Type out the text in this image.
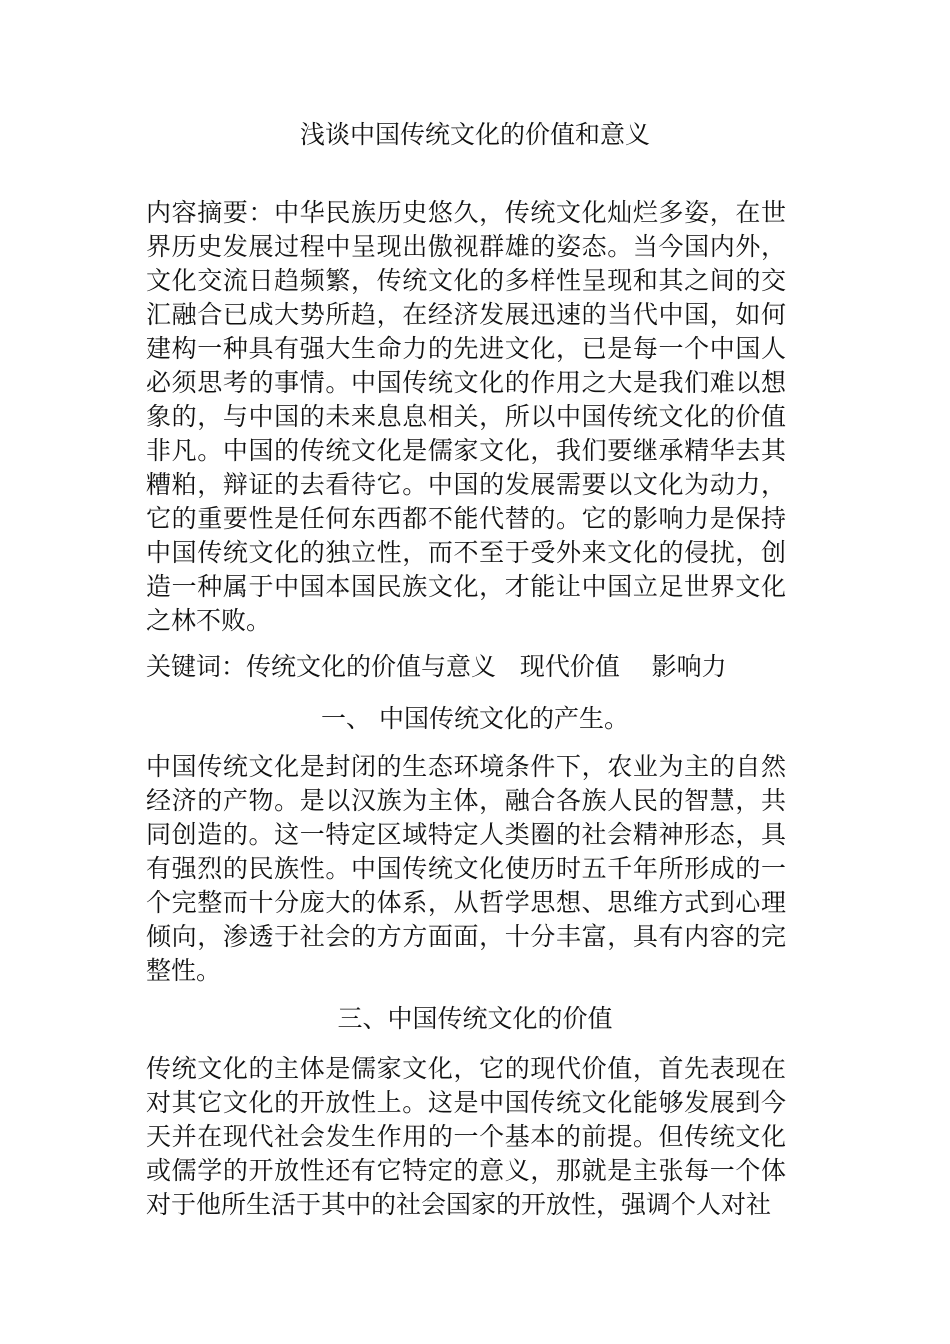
浅谈中国传统文化的价值和意义

内容摘要：中华民族历史悠久，传统文化灿烂多姿，在世界历史发展过程中呈现出傲视群雄的姿态。当今国内外，文化交流日趋频繁，传统文化的多样性呈现和其之间的交汇融合已成大势所趋，在经济发展迅速的当代中国，如何建构一种具有强大生命力的先进文化，已是每一个中国人必须思考的事情。中国传统文化的作用之大是我们难以想象的，与中国的未来息息相关，所以中国传统文化的价值非凡。中国的传统文化是儒家文化，我们要继承精华去其糟粕，辩证的去看待它。中国的发展需要以文化为动力，它的重要性是任何东西都不能代替的。它的影响力是保持中国传统文化的独立性，而不至于受外来文化的侵扰，创造一种属于中国本国民族文化，才能让中国立足世界文化之林不败。

关键词：传统文化的价值与意义   现代价值    影响力
一、 中国传统文化的产生。

中国传统文化是封闭的生态环境条件下，农业为主的自然经济的产物。是以汉族为主体，融合各族人民的智慧，共同创造的。这一特定区域特定人类圈的社会精神形态，具有强烈的民族性。中国传统文化使历时五千年所形成的一个完整而十分庞大的体系，从哲学思想、思维方式到心理倾向，渗透于社会的方方面面，十分丰富，具有内容的完整性。

三、中国传统文化的价值

传统文化的主体是儒家文化，它的现代价值，首先表现在对其它文化的开放性上。这是中国传统文化能够发展到今天并在现代社会发生作用的一个基本的前提。但传统文化或儒学的开放性还有它特定的意义，那就是主张每一个体对于他所生活于其中的社会国家的开放性，强调个人对社
